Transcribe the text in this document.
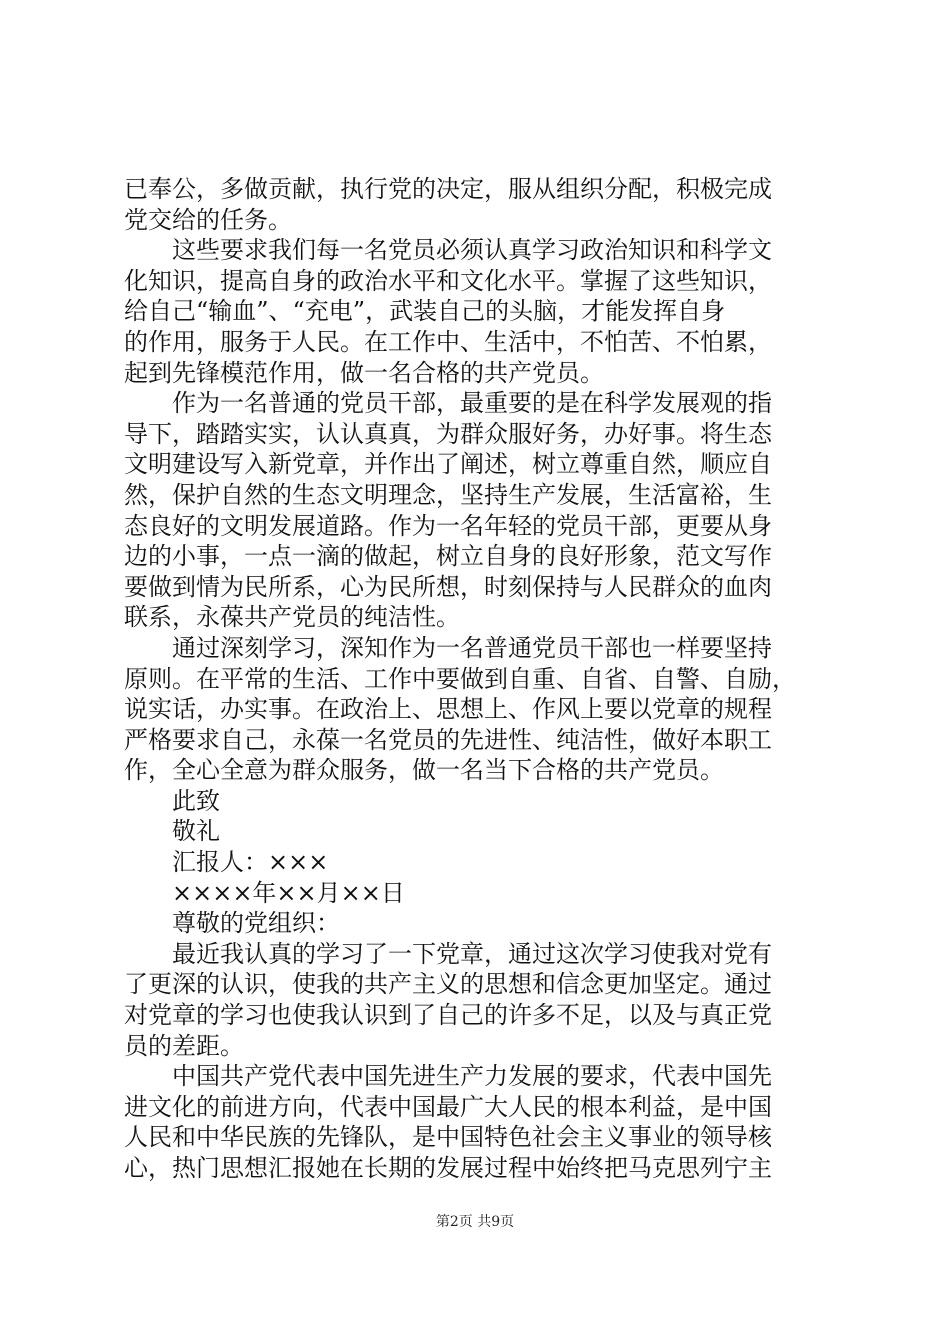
已奉公，多做贡献，执行党的决定，服从组织分配，积极完成
党交给的任务。
　　这些要求我们每一名党员必须认真学习政治知识和科学文
化知识，提高自身的政治水平和文化水平。掌握了这些知识，
给自己“输血”、“充电”，武装自己的头脑，才能发挥自身
的作用，服务于人民。在工作中、生活中，不怕苦、不怕累，
起到先锋模范作用，做一名合格的共产党员。
　　作为一名普通的党员干部，最重要的是在科学发展观的指
导下，踏踏实实，认认真真，为群众服好务，办好事。将生态
文明建设写入新党章，并作出了阐述，树立尊重自然，顺应自
然，保护自然的生态文明理念，坚持生产发展，生活富裕，生
态良好的文明发展道路。作为一名年轻的党员干部，更要从身
边的小事，一点一滴的做起，树立自身的良好形象，范文写作
要做到情为民所系，心为民所想，时刻保持与人民群众的血肉
联系，永葆共产党员的纯洁性。
　　通过深刻学习，深知作为一名普通党员干部也一样要坚持
原则。在平常的生活、工作中要做到自重、自省、自警、自励，
说实话，办实事。在政治上、思想上、作风上要以党章的规程
严格要求自己，永葆一名党员的先进性、纯洁性，做好本职工
作，全心全意为群众服务，做一名当下合格的共产党员。
　　此致
　　敬礼
　　汇报人：×××
　　××××年××月××日
　　尊敬的党组织：
　　最近我认真的学习了一下党章，通过这次学习使我对党有
了更深的认识，使我的共产主义的思想和信念更加坚定。通过
对党章的学习也使我认识到了自己的许多不足，以及与真正党
员的差距。
　　中国共产党代表中国先进生产力发展的要求，代表中国先
进文化的前进方向，代表中国最广大人民的根本利益，是中国
人民和中华民族的先锋队，是中国特色社会主义事业的领导核
心，热门思想汇报她在长期的发展过程中始终把马克思列宁主
第2页 共9页
